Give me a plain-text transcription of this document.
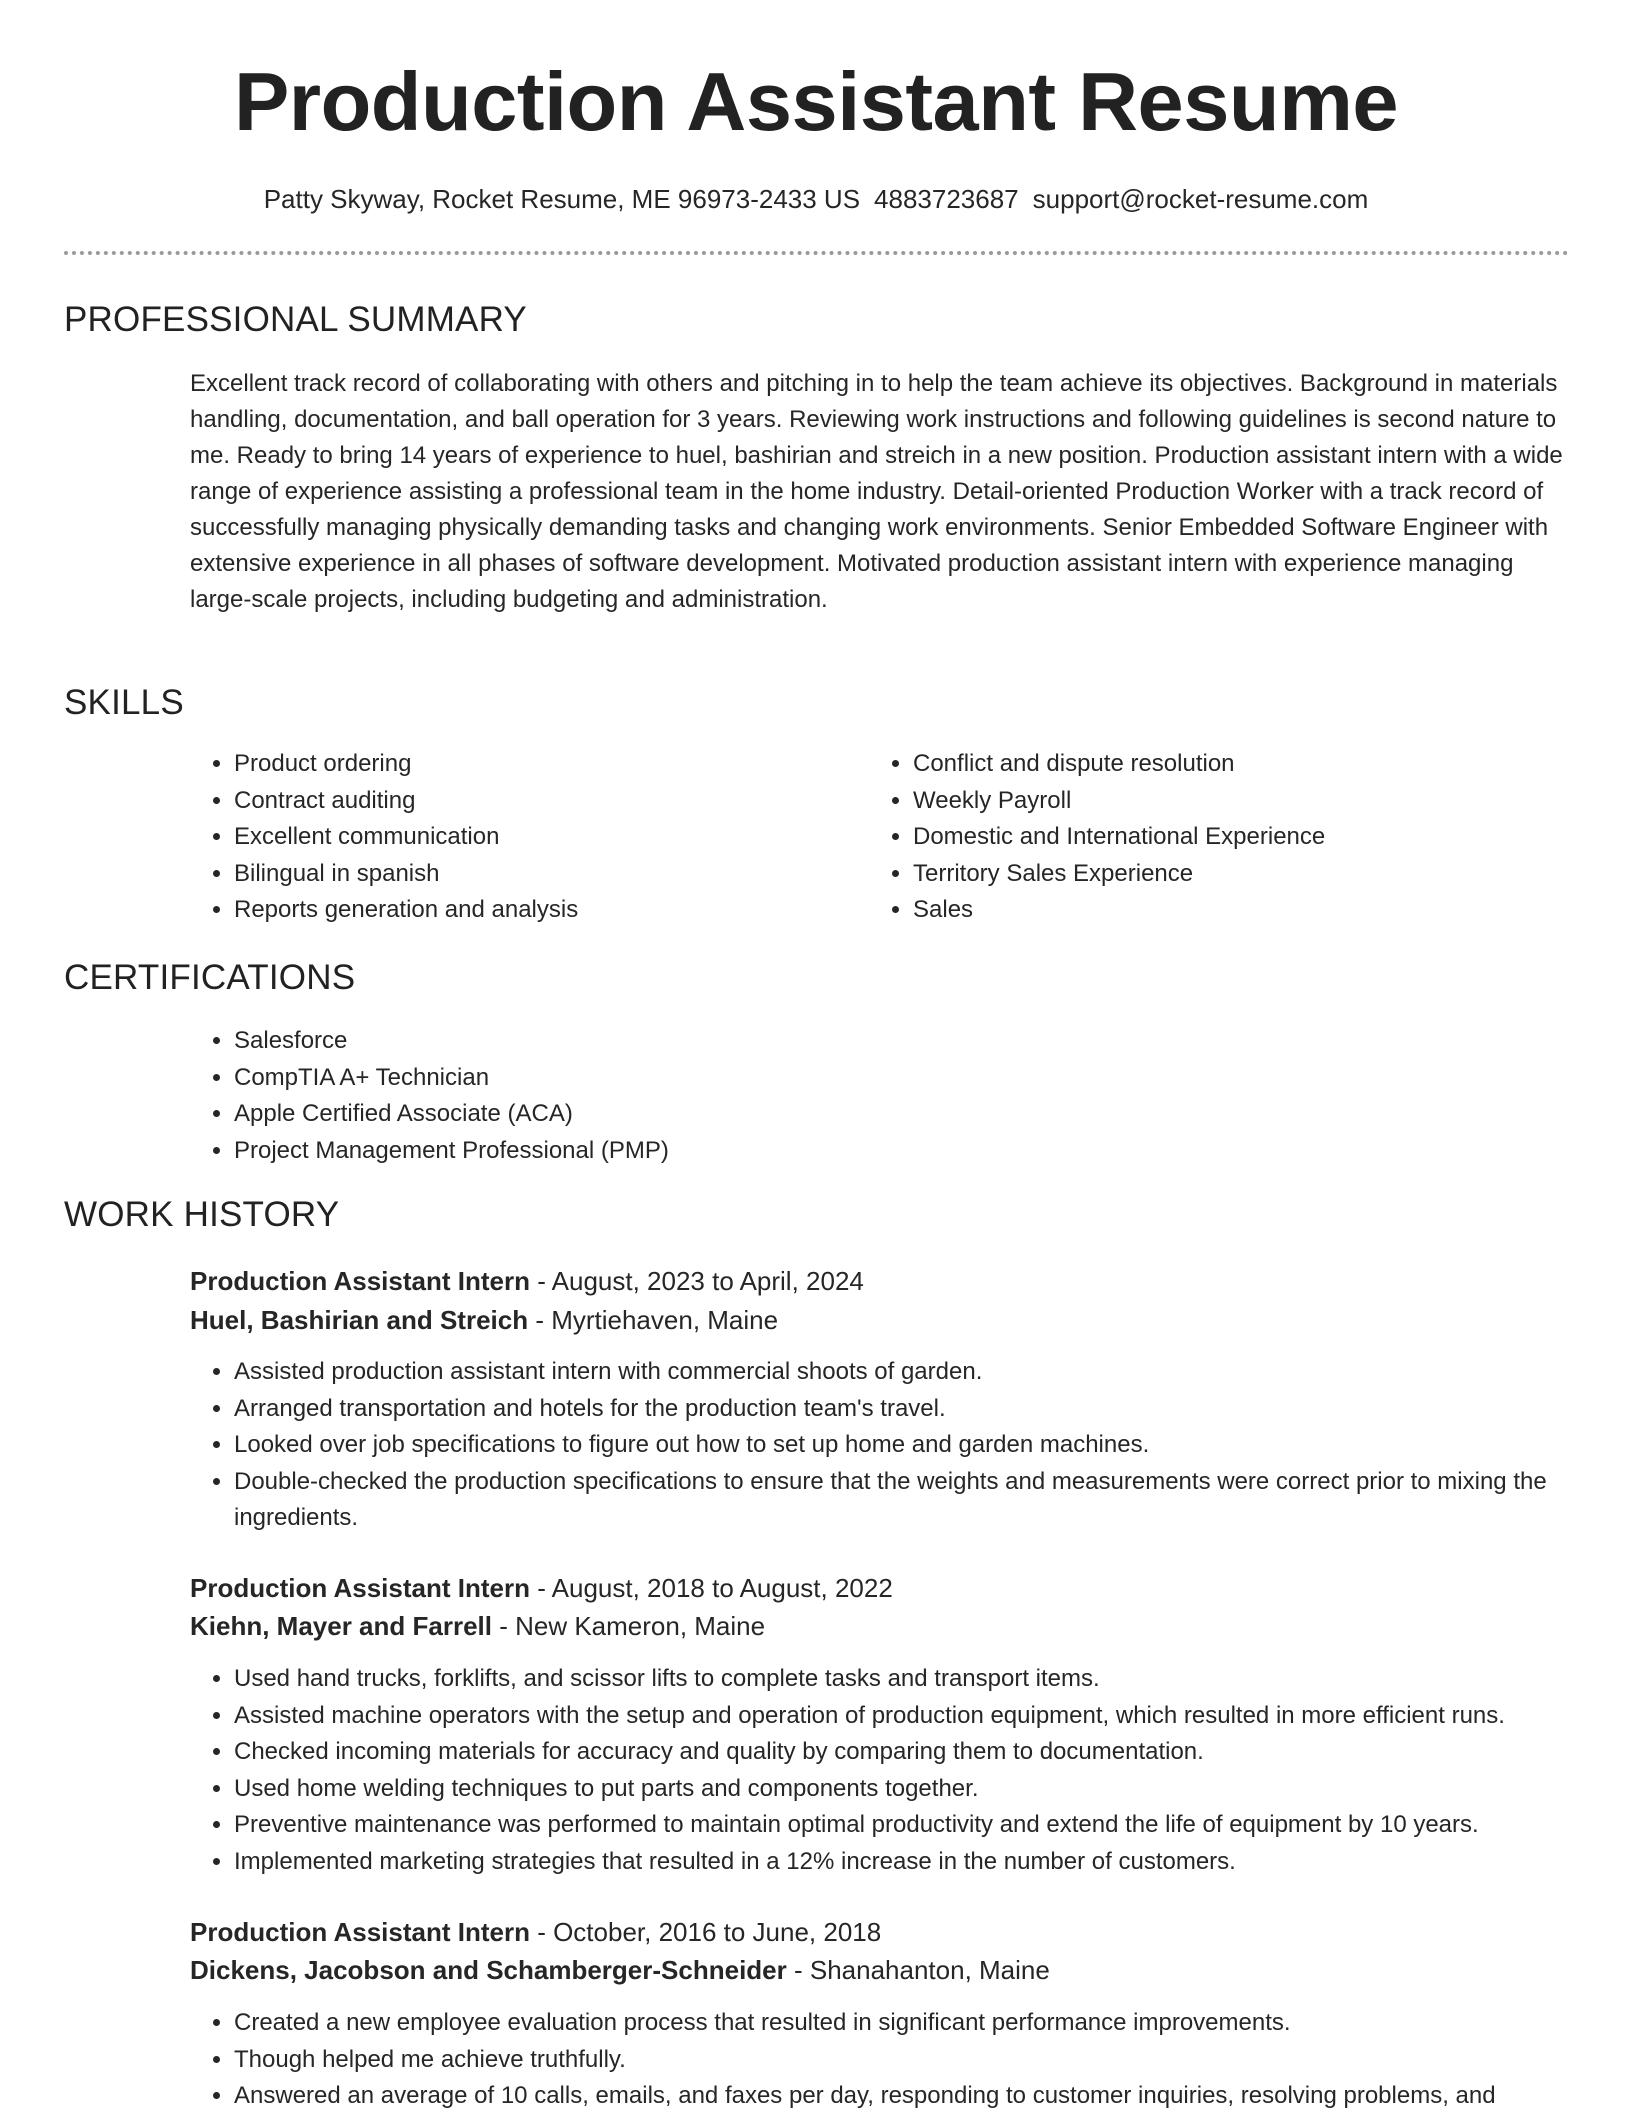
Production Assistant Resume
Patty Skyway, Rocket Resume, ME 96973-2433 US 4883723687 support@rocket-resume.com
PROFESSIONAL SUMMARY

Excellent track record of collaborating with others and pitching in to help the team achieve its objectives. Background in materials handling, documentation, and ball operation for 3 years. Reviewing work instructions and following guidelines is second nature to me. Ready to bring 14 years of experience to huel, bashirian and streich in a new position. Production assistant intern with a wide range of experience assisting a professional team in the home industry. Detail-oriented Production Worker with a track record of successfully managing physically demanding tasks and changing work environments. Senior Embedded Software Engineer with extensive experience in all phases of software development. Motivated production assistant intern with experience managing large-scale projects, including budgeting and administration.

SKILLS
• Product ordering
• Contract auditing
• Excellent communication
• Bilingual in spanish
• Reports generation and analysis
• Conflict and dispute resolution
• Weekly Payroll
• Domestic and International Experience
• Territory Sales Experience
• Sales
CERTIFICATIONS
• Salesforce
• CompTIA A+ Technician
• Apple Certified Associate (ACA)
• Project Management Professional (PMP)
WORK HISTORY
Production Assistant Intern - August, 2023 to April, 2024
Huel, Bashirian and Streich - Myrtiehaven, Maine
• Assisted production assistant intern with commercial shoots of garden.
• Arranged transportation and hotels for the production team's travel.
• Looked over job specifications to figure out how to set up home and garden machines.
• Double-checked the production specifications to ensure that the weights and measurements were correct prior to mixing the ingredients.
Production Assistant Intern - August, 2018 to August, 2022
Kiehn, Mayer and Farrell - New Kameron, Maine
• Used hand trucks, forklifts, and scissor lifts to complete tasks and transport items.
• Assisted machine operators with the setup and operation of production equipment, which resulted in more efficient runs.
• Checked incoming materials for accuracy and quality by comparing them to documentation.
• Used home welding techniques to put parts and components together.
• Preventive maintenance was performed to maintain optimal productivity and extend the life of equipment by 10 years.
• Implemented marketing strategies that resulted in a 12% increase in the number of customers.
Production Assistant Intern - October, 2016 to June, 2018
Dickens, Jacobson and Schamberger-Schneider - Shanahanton, Maine
• Created a new employee evaluation process that resulted in significant performance improvements.
• Though helped me achieve truthfully.
• Answered an average of 10 calls, emails, and faxes per day, responding to customer inquiries, resolving problems, and
